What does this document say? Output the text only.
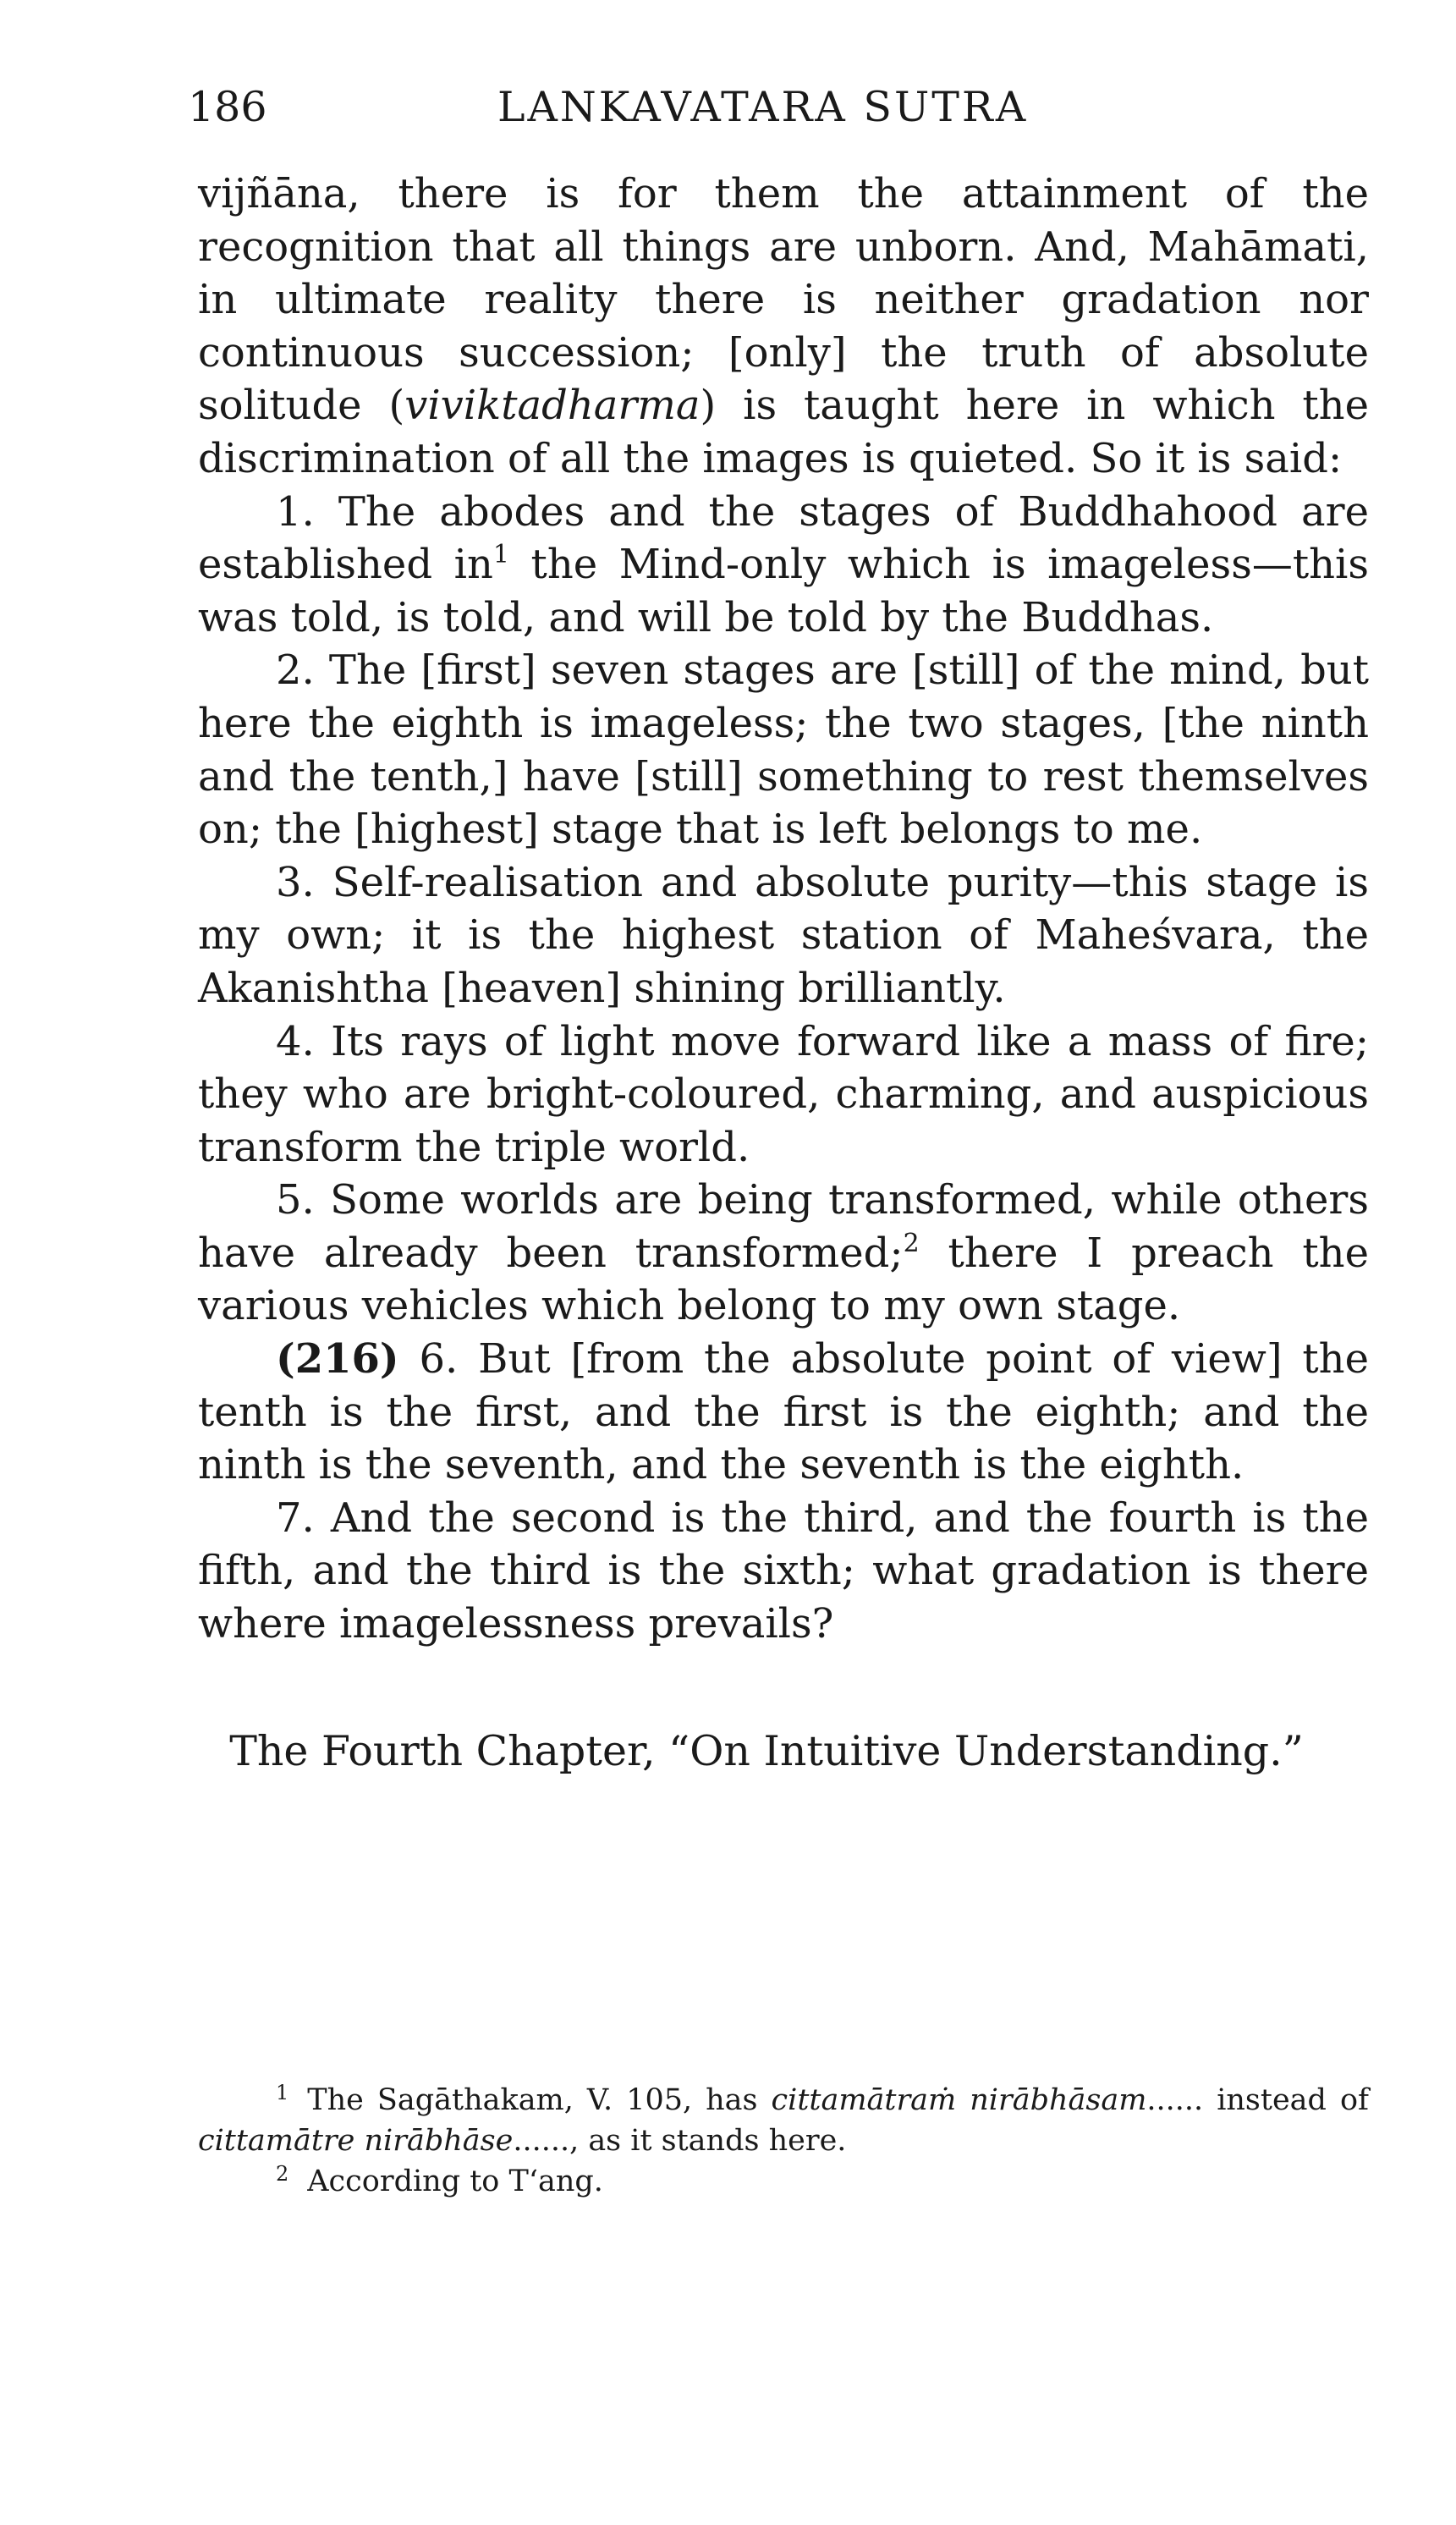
186	LANKAVATARA SUTRA

vijñāna, there is for them the attainment of the recognition that all things are unborn. And, Mahāmati, in ultimate reality there is neither gradation nor continuous succession; [only] the truth of absolute solitude (viviktadharma) is taught here in which the discrimination of all the images is quieted. So it is said:

1. The abodes and the stages of Buddhahood are established $in^1$ the Mind-only which is imageless—this was told, is told, and will be told by the Buddhas.

2. The [first] seven stages are [still] of the mind, but here the eighth is imageless; the two stages, [the ninth and the tenth,] have [still] something to rest themselves on; the [highest] stage that is left belongs to me.

3. Self-realisation and absolute purity—this stage is my own; it is the highest station of Maheśvara, the Akanishtha [heaven] shining brilliantly.

4. Its rays of light move forward like a mass of fire; they who are bright-coloured, charming, and auspicious transform the triple world.

5. Some worlds are being transformed, while others have already been transformed;$^2$ there I preach the various vehicles which belong to my own stage.

(216) 6. But [from the absolute point of view] the tenth is the first, and the first is the eighth; and the ninth is the seventh, and the seventh is the eighth.

7. And the second is the third, and the fourth is the fifth, and the third is the sixth; what gradation is there where imagelessness prevails?

The Fourth Chapter, “On Intuitive Understanding.”

$^1$ The Sagāthakam, V. 105, has cittamātraṁ nirābhāsam...... instead of cittamātre nirābhāse......, as it stands here.

$^2$ According to T‘ang.
